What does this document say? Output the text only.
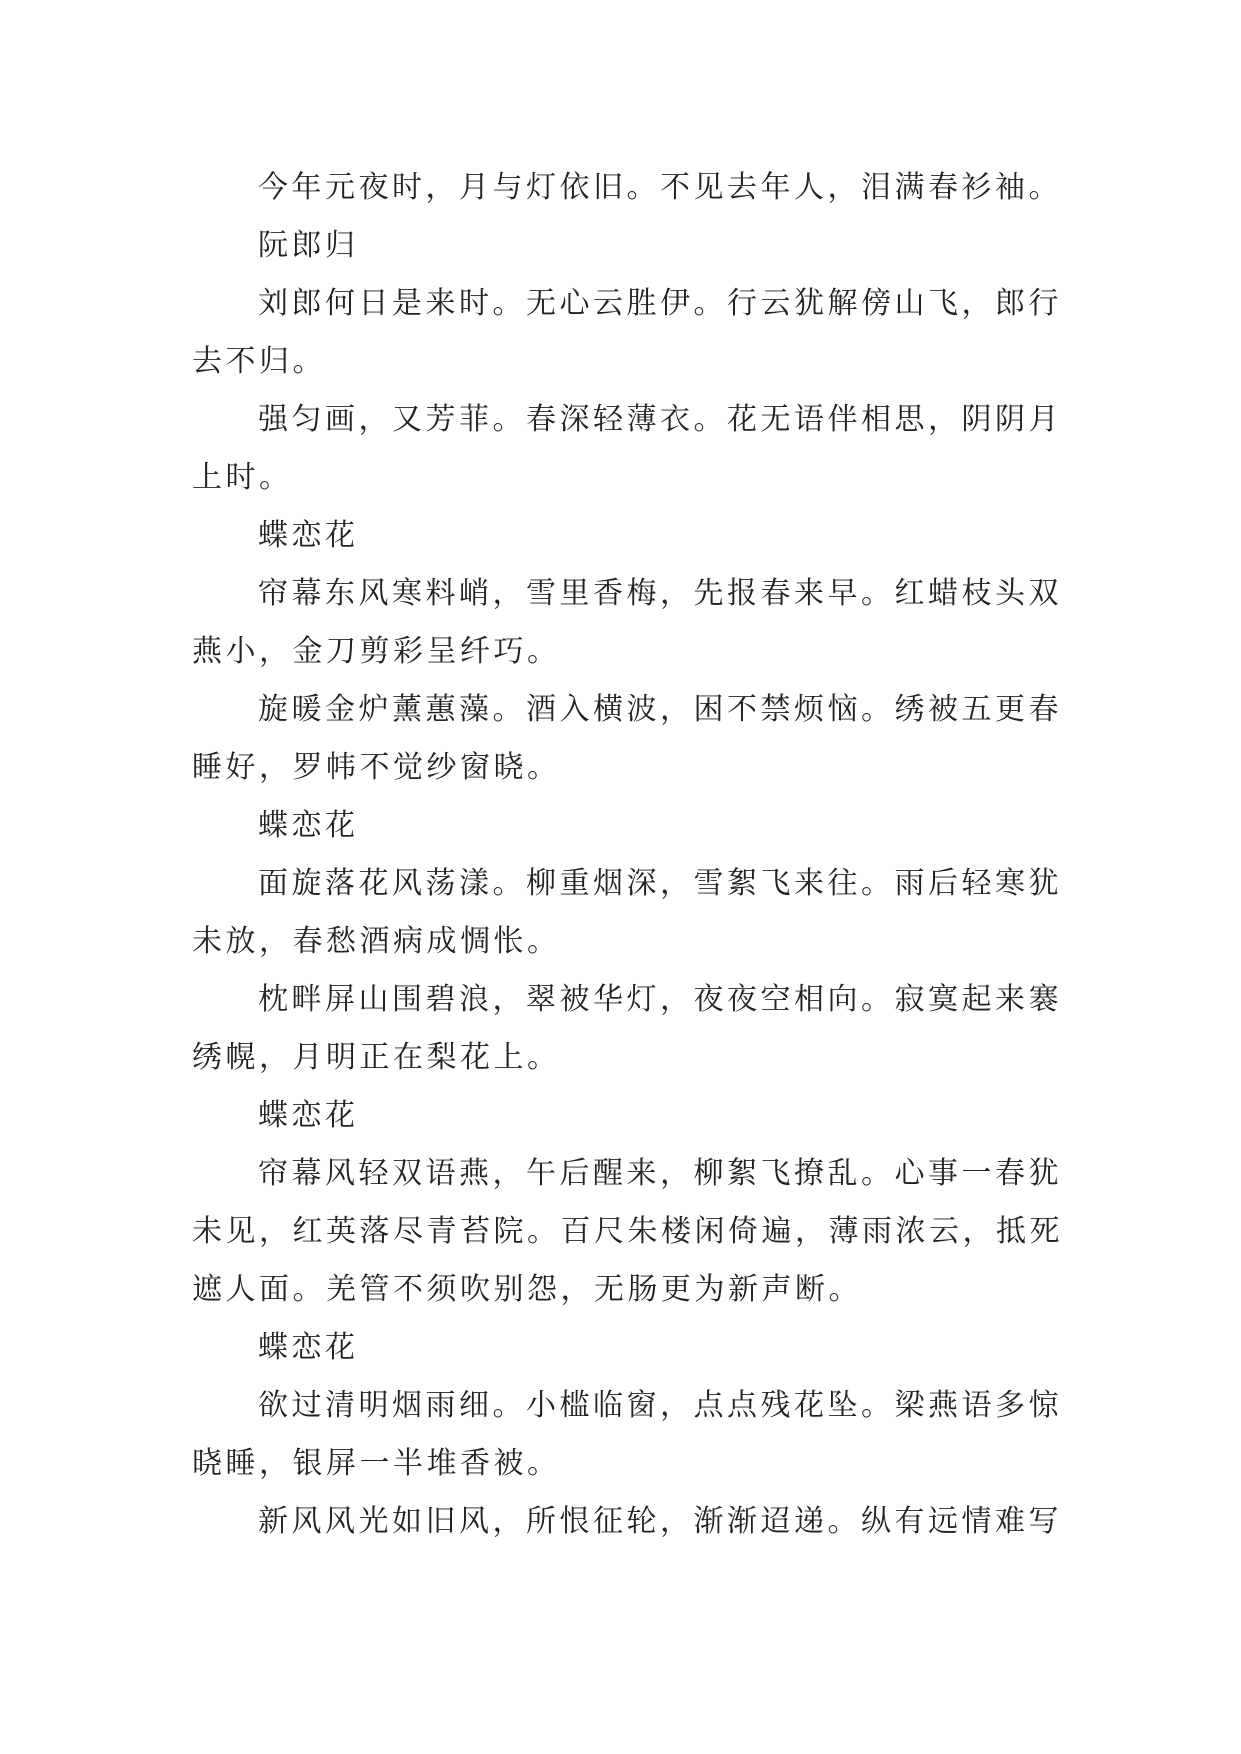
今年元夜时，月与灯依旧。不见去年人，泪满春衫袖。
阮郎归
刘郎何日是来时。无心云胜伊。行云犹解傍山飞，郎行
去不归。
强匀画，又芳菲。春深轻薄衣。花无语伴相思，阴阴月
上时。
蝶恋花
帘幕东风寒料峭，雪里香梅，先报春来早。红蜡枝头双
燕小，金刀剪彩呈纤巧。
旋暖金炉薰蕙藻。酒入横波，困不禁烦恼。绣被五更春
睡好，罗帏不觉纱窗晓。
蝶恋花
面旋落花风荡漾。柳重烟深，雪絮飞来往。雨后轻寒犹
未放，春愁酒病成惆怅。
枕畔屏山围碧浪，翠被华灯，夜夜空相向。寂寞起来褰
绣幌，月明正在梨花上。
蝶恋花
帘幕风轻双语燕，午后醒来，柳絮飞撩乱。心事一春犹
未见，红英落尽青苔院。百尺朱楼闲倚遍，薄雨浓云，抵死
遮人面。羌管不须吹别怨，无肠更为新声断。
蝶恋花
欲过清明烟雨细。小槛临窗，点点残花坠。梁燕语多惊
晓睡，银屏一半堆香被。
新风风光如旧风，所恨征轮，渐渐迢递。纵有远情难写
